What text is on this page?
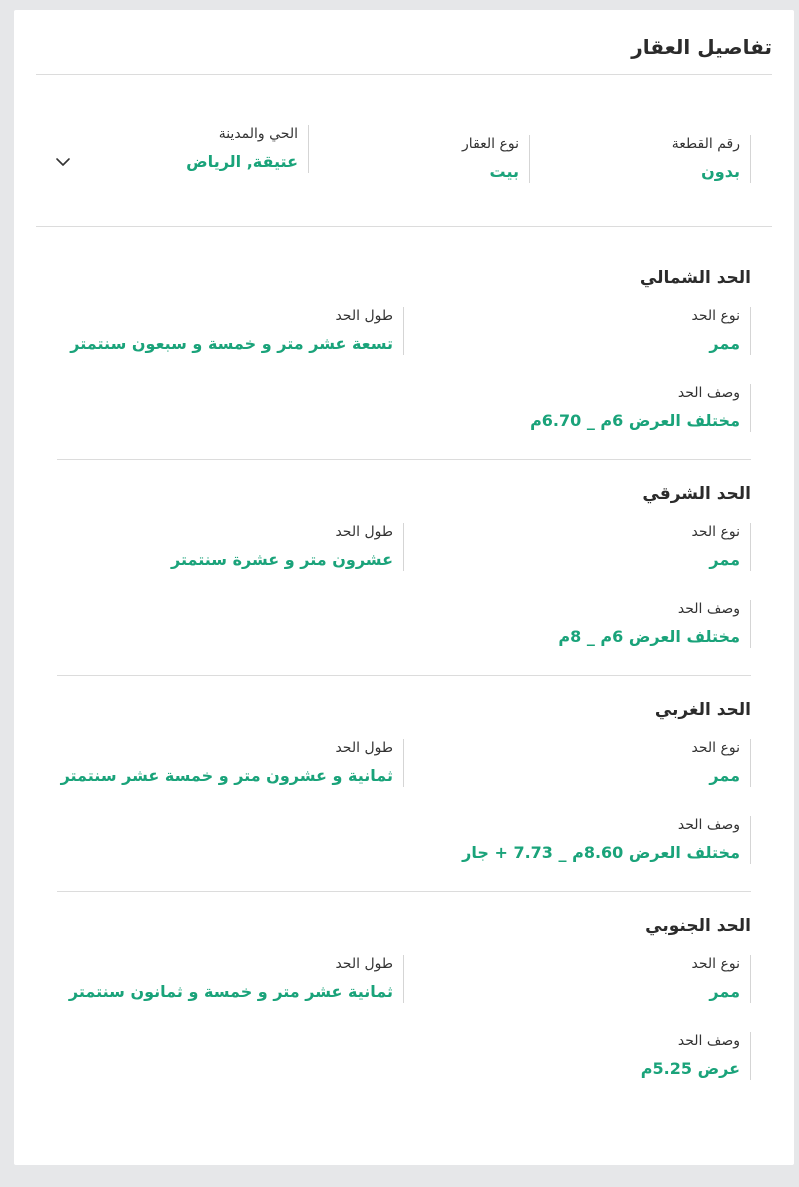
تفاصيل العقار
رقم القطعة
بدون
نوع العقار
بيت
الحي والمدينة
عتيقة, الرياض
الحد الشمالي
نوع الحد
ممر
طول الحد
تسعة عشر متر و خمسة و سبعون سنتمتر
وصف الحد
مختلف العرض 6م _ 6.70م
الحد الشرقي
نوع الحد
ممر
طول الحد
عشرون متر و عشرة سنتمتر
وصف الحد
مختلف العرض 6م _ 8م
الحد الغربي
نوع الحد
ممر
طول الحد
ثمانية و عشرون متر و خمسة عشر سنتمتر
وصف الحد
مختلف العرض 8.60م _ 7.73 + جار
الحد الجنوبي
نوع الحد
ممر
طول الحد
ثمانية عشر متر و خمسة و ثمانون سنتمتر
وصف الحد
عرض 5.25م
